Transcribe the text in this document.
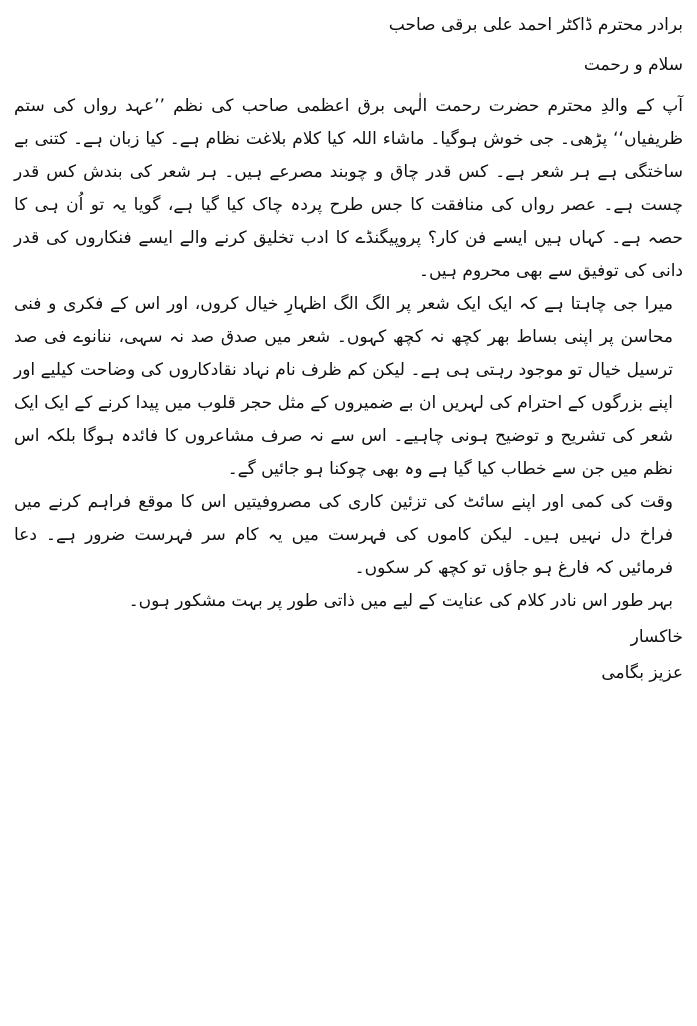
برادر محترم ڈاکٹر احمد علی برقی صاحب
سلام و رحمت
آپ کے والدِ محترم حضرت رحمت الٰہی برق اعظمی صاحب کی نظم ’’عہد رواں کی ستم ظریفیاں‘‘ پڑھی۔ جی خوش ہوگیا۔ ماشاء اللہ کیا کلام بلاغت نظام ہے۔ کیا زبان ہے۔ کتنی بے ساختگی ہے ہر شعر ہے۔ کس قدر چاق و چوبند مصرعے ہیں۔ ہر شعر کی بندش کس قدر چست ہے۔ عصر رواں کی منافقت کا جس طرح پردہ چاک کیا گیا ہے، گویا یہ تو اُن ہی کا حصہ ہے۔ کہاں ہیں ایسے فن کار؟ پروپیگنڈے کا ادب تخلیق کرنے والے ایسے فنکاروں کی قدر دانی کی توفیق سے بھی محروم ہیں۔
میرا جی چاہتا ہے کہ ایک ایک شعر پر الگ الگ اظہارِ خیال کروں، اور اس کے فکری و فنی محاسن پر اپنی بساط بھر کچھ نہ کچھ کہوں۔ شعر میں صدق صد نہ سہی، ننانوے فی صد ترسیل خیال تو موجود رہتی ہی ہے۔ لیکن کم ظرف نام نہاد نقادکاروں کی وضاحت کیلیے اور اپنے بزرگوں کے احترام کی لہریں ان بے ضمیروں کے مثل حجر قلوب میں پیدا کرنے کے ایک ایک شعر کی تشریح و توضیح ہونی چاہیے۔ اس سے نہ صرف مشاعروں کا فائدہ ہوگا بلکہ اس نظم میں جن سے خطاب کیا گیا ہے وہ بھی چوکنا ہو جائیں گے۔
وقت کی کمی اور اپنے سائٹ کی تزئین کاری کی مصروفیتیں اس کا موقع فراہم کرنے میں فراخ دل نہیں ہیں۔ لیکن کاموں کی فہرست میں یہ کام سر فہرست ضرور ہے۔ دعا فرمائیں کہ فارغ ہو جاؤں تو کچھ کر سکوں۔
بہر طور اس نادر کلام کی عنایت کے لیے میں ذاتی طور پر بہت مشکور ہوں۔
خاکسار
عزیز بگامی
